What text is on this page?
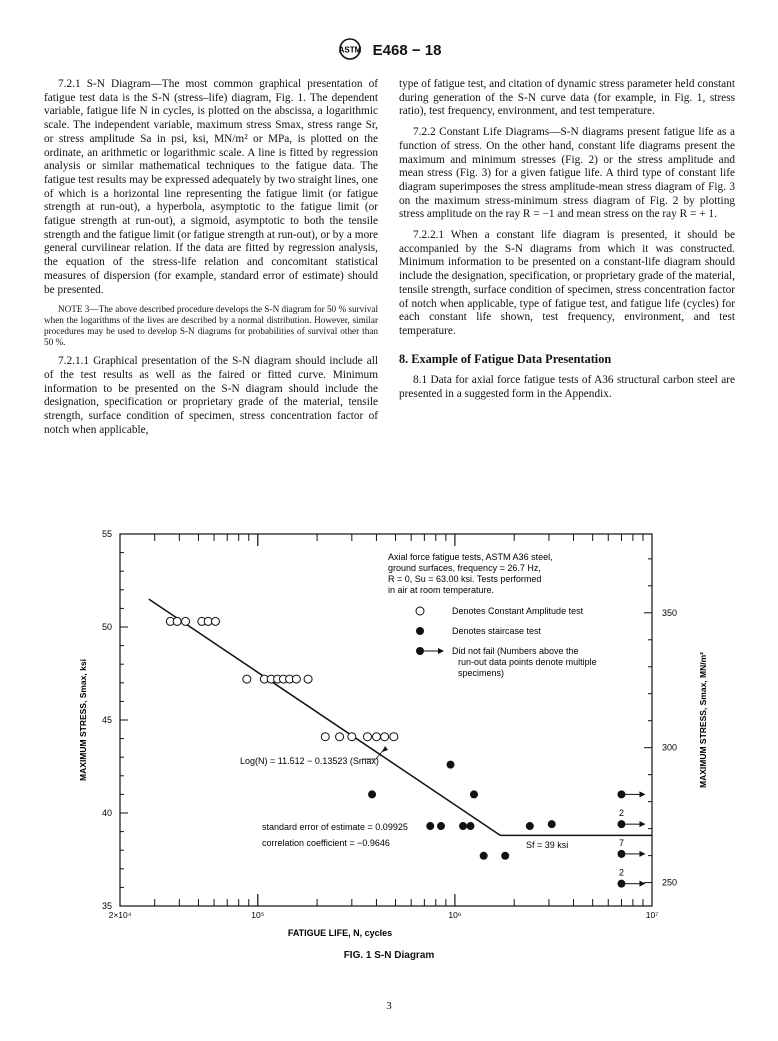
ASTM E468 − 18

7.2.1 S-N Diagram—The most common graphical presentation of fatigue test data is the S-N (stress–life) diagram, Fig. 1. The dependent variable, fatigue life N in cycles, is plotted on the abscissa, a logarithmic scale. The independent variable, maximum stress Smax, stress range Sr, or stress amplitude Sa in psi, ksi, MN/m² or MPa, is plotted on the ordinate, an arithmetic or logarithmic scale. A line is fitted by regression analysis or similar mathematical techniques to the fatigue data. The fatigue test results may be expressed adequately by two straight lines, one of which is a horizontal line representing the fatigue limit (or fatigue strength at run-out), a hyperbola, asymptotic to the fatigue limit (or fatigue strength at run-out), a sigmoid, asymptotic to both the tensile strength and the fatigue limit (or fatigue strength at run-out), or by a more general curvilinear relation. If the data are fitted by regression analysis, the equation of the stress-life relation and concomitant statistical measures of dispersion (for example, standard error of estimate) should be presented.

NOTE 3—The above described procedure develops the S-N diagram for 50 % survival when the logarithms of the lives are described by a normal distribution. However, similar procedures may be used to develop S-N diagrams for probabilities of survival other than 50 %.

7.2.1.1 Graphical presentation of the S-N diagram should include all of the test results as well as the faired or fitted curve. Minimum information to be presented on the S-N diagram should include the designation, specification or proprietary grade of the material, tensile strength, surface condition of specimen, stress concentration factor of notch when applicable,

type of fatigue test, and citation of dynamic stress parameter held constant during generation of the S-N curve data (for example, in Fig. 1, stress ratio), test frequency, environment, and test temperature.

7.2.2 Constant Life Diagrams—S-N diagrams present fatigue life as a function of stress. On the other hand, constant life diagrams present the maximum and minimum stresses (Fig. 2) or the stress amplitude and mean stress (Fig. 3) for a given fatigue life. A third type of constant life diagram superimposes the stress amplitude-mean stress diagram of Fig. 3 on the maximum stress-minimum stress diagram of Fig. 2 by plotting stress amplitude on the ray R = −1 and mean stress on the ray R = + 1.

7.2.2.1 When a constant life diagram is presented, it should be accompanied by the S-N diagrams from which it was constructed. Minimum information to be presented on a constant-life diagram should include the designation, specification, or proprietary grade of the material, tensile strength, surface condition of specimen, stress concentration factor of notch when applicable, type of fatigue test, and fatigue life (cycles) for each constant life shown, test frequency, environment, and test temperature.

8. Example of Fatigue Data Presentation

8.1 Data for axial force fatigue tests of A36 structural carbon steel are presented in a suggested form in the Appendix.

35
40
45
50
55
250
300
350
2×10⁴	10⁵	10⁶	10⁷
2
7
2
Axial force fatigue tests, ASTM A36 steel,
ground surfaces, frequency = 26.7 Hz,
R = 0, Su = 63.00 ksi. Tests performed
in air at room temperature.
Denotes Constant Amplitude test
Denotes staircase test
Did not fail (Numbers above the
run-out data points denote multiple
specimens)
Log(N) = 11.512 − 0.13523 (Smax)
standard error of estimate = 0.09925
correlation coefficient = −0.9646	Sf = 39 ksi
MAXIMUM STRESS, Smax, ksi	MAXIMUM STRESS, Smax, MN/m²
FATIGUE LIFE, N, cycles
FIG. 1 S-N Diagram
3
